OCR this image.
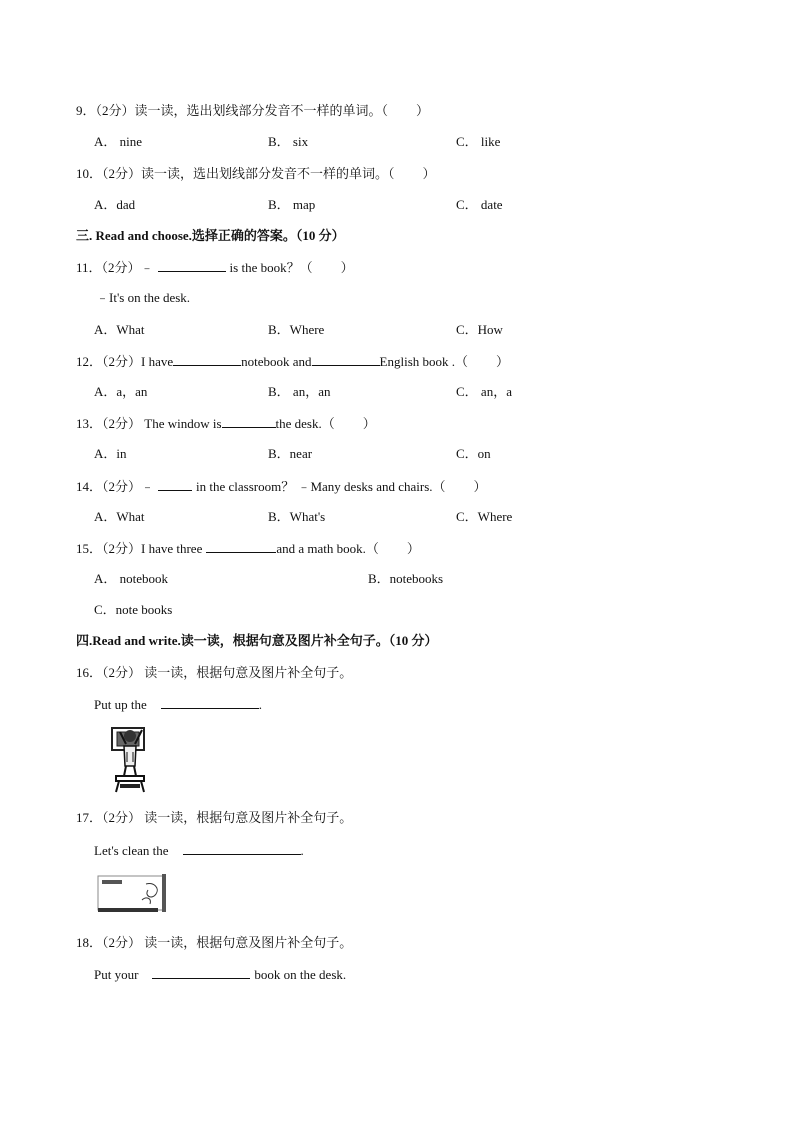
9．（2分）读一读，选出划线部分发音不一样的单词。（ ）
A． nine	B． six	C． like
10．（2分）读一读，选出划线部分发音不一样的单词。（ ）
A．dad	B． map	C． date
三. Read and choose.选择正确的答案。（10 分）
11．（2分）﹣	is the book？（ ）
﹣It's on the desk.
A．What	B．Where	C．How
12．（2分）I have	notebook and	English book .（ ）
A．a，an	B． an，an	C． an，a
13．（2分） The window is	the desk.（ ）
A．in	B．near	C．on
14．（2分）﹣	in the classroom？ ﹣Many desks and chairs.（ ）
A．What	B．What's	C．Where
15．（2分）I have three	and a math book.（ ）
A． notebook	B．notebooks
C．note books
四.Read and write.读一读，根据句意及图片补全句子。（10 分）
16．（2分） 读一读，根据句意及图片补全句子。
Put up the	.
17．（2分） 读一读，根据句意及图片补全句子。
Let's clean the	.
18．（2分） 读一读，根据句意及图片补全句子。
Put your	book on the desk.
